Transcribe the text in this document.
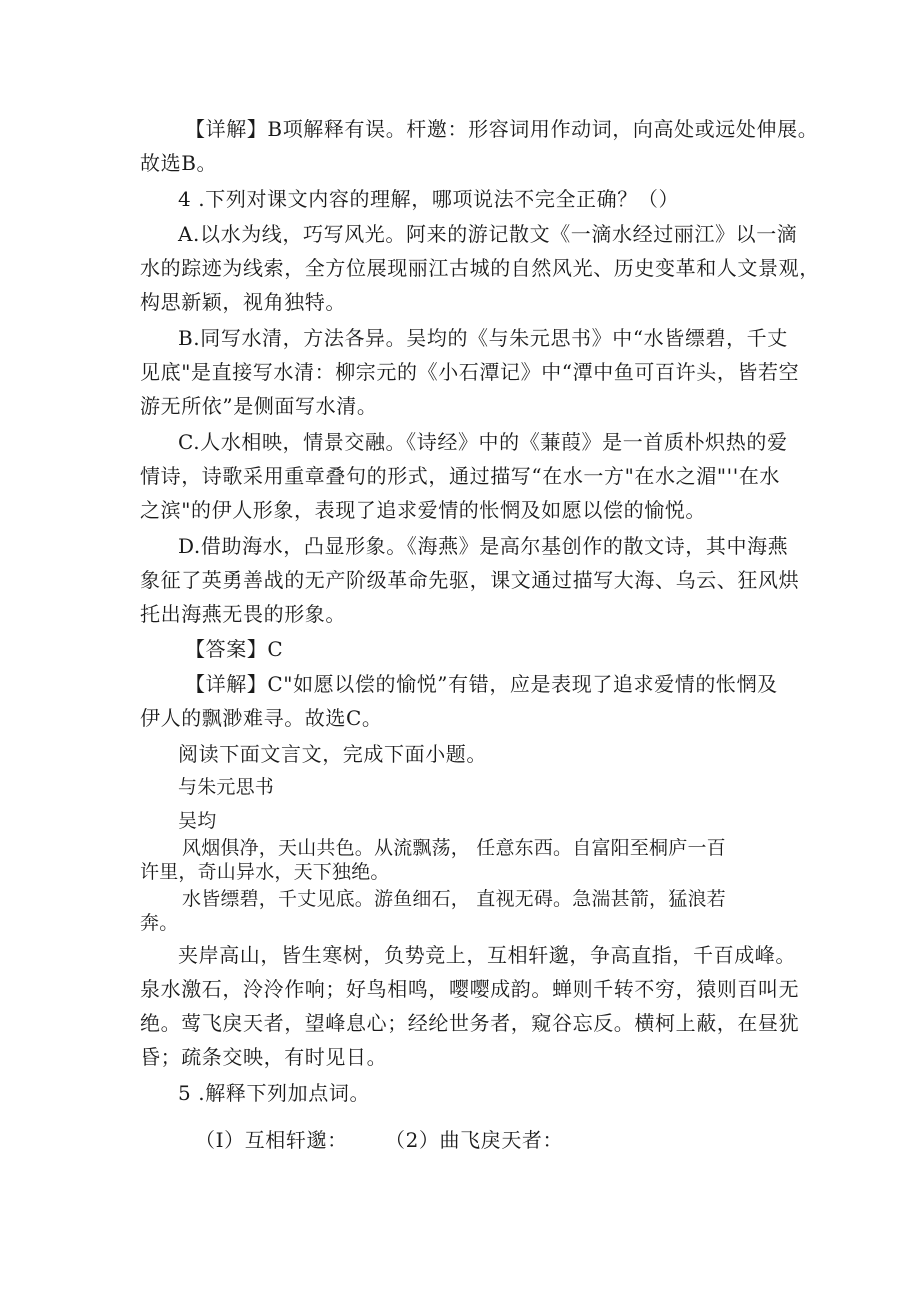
【详解】B项解释有误。杆邀：形容词用作动词，向高处或远处伸展。
故选B。
4 .下列对课文内容的理解，哪项说法不完全正确？（）
A.以水为线，巧写风光。阿来的游记散文《一滴水经过丽江》以一滴
水的踪迹为线索，全方位展现丽江古城的自然风光、历史变革和人文景观，
构思新颖，视角独特。
B.同写水清，方法各异。吴均的《与朱元思书》中“水皆缥碧，千丈
见底"是直接写水清：柳宗元的《小石潭记》中“潭中鱼可百许头，皆若空
游无所依”是侧面写水清。
C.人水相映，情景交融。《诗经》中的《蒹葭》是一首质朴炽热的爱
情诗，诗歌采用重章叠句的形式，通过描写“在水一方"在水之湄"''在水
之滨"的伊人形象，表现了追求爱情的怅惘及如愿以偿的愉悦。
D.借助海水，凸显形象。《海燕》是高尔基创作的散文诗，其中海燕
象征了英勇善战的无产阶级革命先驱，课文通过描写大海、乌云、狂风烘
托出海燕无畏的形象。
【答案】C
【详解】C"如愿以偿的愉悦”有错，应是表现了追求爱情的怅惘及
伊人的飘渺难寻。故选C。
阅读下面文言文，完成下面小题。
与朱元思书
吴均
风烟俱净，天山共色。从流飘荡， 任意东西。自富阳至桐庐一百
许里，奇山异水，天下独绝。
水皆缥碧，千丈见底。游鱼细石， 直视无碍。急湍甚箭，猛浪若
奔。
夹岸高山，皆生寒树，负势竞上，互相轩邈，争高直指，千百成峰。
泉水激石，泠泠作响；好鸟相鸣，嘤嘤成韵。蝉则千转不穷，猿则百叫无
绝。莺飞戾天者，望峰息心；经纶世务者，窥谷忘反。横柯上蔽，在昼犹
昏；疏条交映，有时见日。
5 .解释下列加点词。
（I）互相轩邈： （2）曲飞戾天者：
